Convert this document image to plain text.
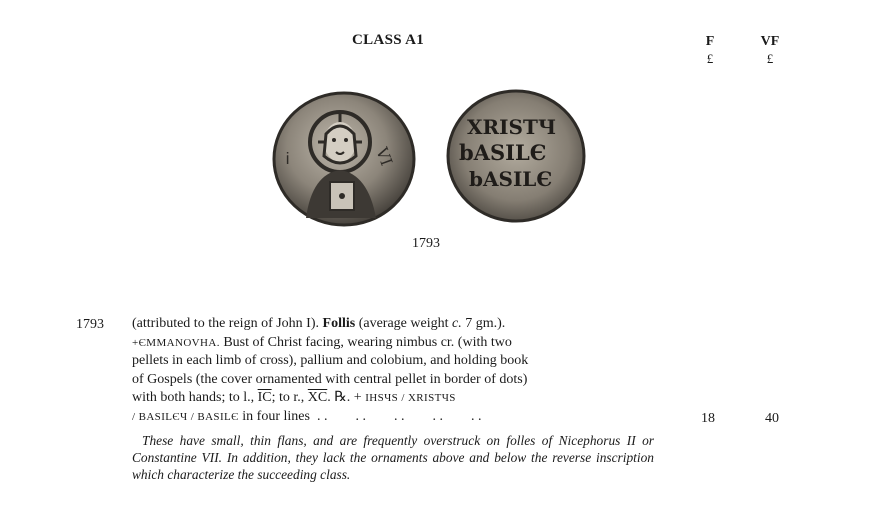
CLASS A1	F
£
VF
£
VI
Ꭵ
ΧRISTЧ
bASILЄ
bASILЄ
1793
1793 (attributed to the reign of John I). Follis (average weight c. 7 gm.).

+ЄMMANOVHA. Bust of Christ facing, wearing nimbus cr. (with two

pellets in each limb of cross), pallium and colobium, and holding book

of Gospels (the cover ornamented with central pellet in border of dots)

with both hands; to l., $\overline{IC}$; to r., $\overline{XC}$. ℞. + IHSЧS / XRISTЧS

/ BASILЄЧ / BASILЄ in four lines . .        . .        . .        . .        . .

These have small, thin flans, and are frequently overstruck on folles of Nicephorus II or Constantine VII. In addition, they lack the ornaments above and below the reverse inscription which characterize the succeeding class.

18	40
